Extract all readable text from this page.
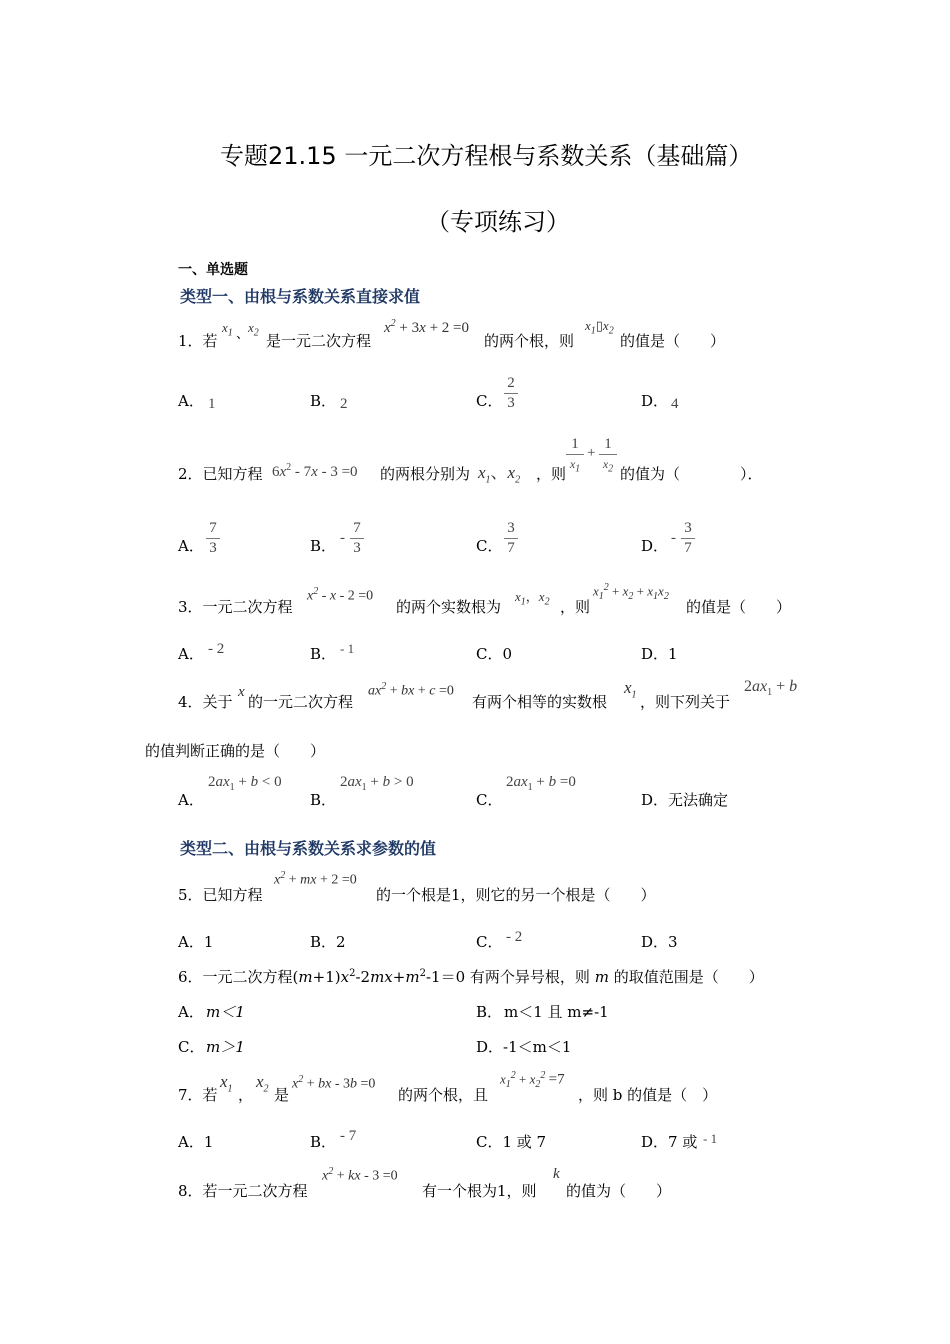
专题21.15 一元二次方程根与系数关系（基础篇）
（专项练习）
一、单选题
类型一、由根与系数关系直接求值
1．若
$x_1$ 、
$x_2$ 是一元二次方程
$x^2 + 3x + 2 =0$
的两个根，则
$x_1▯x_2$
的值是（　　）
A． 1	B． 2	C．
2
3	D． 4
2．已知方程 $6x^2 - 7x - 3 =0$ 的两根分别为 $x_1$、$x_2$ ，则
1
$x_1$
+
1
$x_2$ 的值为（　　　　）．
A．
7
3	B． -
7
3	C．
3
7	D． -
3
7
3．一元二次方程
$x^2 - x - 2 =0$
的两个实数根为
$x_1$，$x_2$ ，则
$x_1^2 + x_2 + x_1x_2$
的值是（　　）
A． - 2	B． - 1	C．0	D．1
4．关于
x
的一元二次方程
$ax^2$ + bx + c =0
有两个相等的实数根
$x_1$ ，则下列关于
$2ax_1 + b$
的值判断正确的是（　　）
A．
$2ax_1 + b < 0$
B．
$2ax_1 + b > 0$
C．
$2ax_1 + b =0$
D．无法确定
类型二、由根与系数关系求参数的值
5．已知方程
$x^2$ + mx + 2 =0
的一个根是1，则它的另一个根是（　　）
A．1	B．2	C． - 2	D．3
6．一元二次方程$(m+1)x^2-2mx+m^2-1=0$ 有两个异号根，则 m 的取值范围是（　　）
A． m＜1	B． m＜1 且 m≠-1
C． m＞1	D．-1＜m＜1
7．若
$x_1$ ，
$x_2$ 是
$x^2$ + bx - 3b =0
的两个根，且
$x_1^2 + x_2^2 =7$
，则 b 的值是（　）
A．1	B． - 7	C．1 或 7	D．7 或 - 1
8．若一元二次方程
$x^2$ + kx - 3 =0
有一个根为1，则
k
的值为（　　）
